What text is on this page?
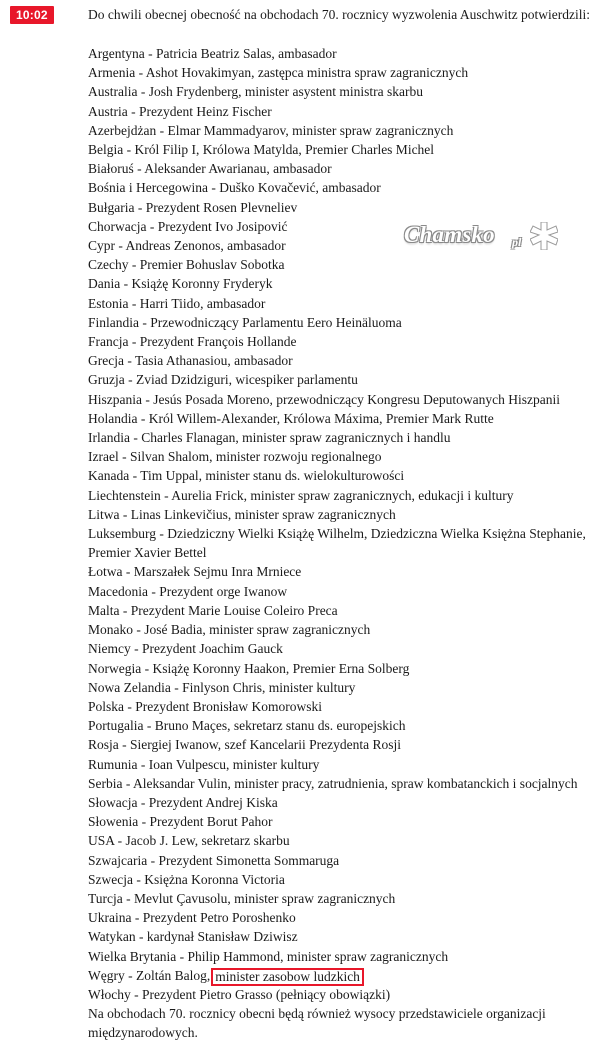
10:02	Do chwili obecnej obecność na obchodach 70. rocznicy wyzwolenia Auschwitz potwierdzili:
Argentyna - Patricia Beatriz Salas, ambasador
Armenia - Ashot Hovakimyan, zastępca ministra spraw zagranicznych
Australia - Josh Frydenberg, minister asystent ministra skarbu
Austria - Prezydent Heinz Fischer
Azerbejdżan - Elmar Mammadyarov, minister spraw zagranicznych
Belgia - Król Filip I, Królowa Matylda, Premier Charles Michel
Białoruś - Aleksander Awarianau, ambasador
Bośnia i Hercegowina - Duško Kovačević, ambasador
Bułgaria - Prezydent Rosen Plevneliev
Chorwacja - Prezydent Ivo Josipović
Cypr - Andreas Zenonos, ambasador
Czechy - Premier Bohuslav Sobotka
Dania - Książę Koronny Fryderyk
Estonia - Harri Tiido, ambasador
Finlandia - Przewodniczący Parlamentu Eero Heinäluoma
Francja - Prezydent François Hollande
Grecja - Tasia Athanasiou, ambasador
Gruzja - Zviad Dzidziguri, wicespiker parlamentu
Hiszpania - Jesús Posada Moreno, przewodniczący Kongresu Deputowanych Hiszpanii
Holandia - Król Willem-Alexander, Królowa Máxima, Premier Mark Rutte
Irlandia - Charles Flanagan, minister spraw zagranicznych i handlu
Izrael - Silvan Shalom, minister rozwoju regionalnego
Kanada - Tim Uppal, minister stanu ds. wielokulturowości
Liechtenstein - Aurelia Frick, minister spraw zagranicznych, edukacji i kultury
Litwa - Linas Linkevičius, minister spraw zagranicznych
Luksemburg - Dziedziczny Wielki Książę Wilhelm, Dziedziczna Wielka Księżna Stephanie, Premier Xavier Bettel
Łotwa - Marszałek Sejmu Inra Mrniece
Macedonia - Prezydent orge Iwanow
Malta - Prezydent Marie Louise Coleiro Preca
Monako - José Badia, minister spraw zagranicznych
Niemcy - Prezydent Joachim Gauck
Norwegia - Książę Koronny Haakon, Premier Erna Solberg
Nowa Zelandia - Finlyson Chris, minister kultury
Polska - Prezydent Bronisław Komorowski
Portugalia - Bruno Maçes, sekretarz stanu ds. europejskich
Rosja - Siergiej Iwanow, szef Kancelarii Prezydenta Rosji
Rumunia - Ioan Vulpescu, minister kultury
Serbia - Aleksandar Vulin, minister pracy, zatrudnienia, spraw kombatanckich i socjalnych
Słowacja - Prezydent Andrej Kiska
Słowenia - Prezydent Borut Pahor
USA - Jacob J. Lew, sekretarz skarbu
Szwajcaria - Prezydent Simonetta Sommaruga
Szwecja - Księżna Koronna Victoria
Turcja - Mevlut Çavusolu, minister spraw zagranicznych
Ukraina - Prezydent Petro Poroshenko
Watykan - kardynał Stanisław Dziwisz
Wielka Brytania - Philip Hammond, minister spraw zagranicznych
Węgry - Zoltán Balog, minister zasobow ludzkich
Włochy - Prezydent Pietro Grasso (pełniący obowiązki)
Na obchodach 70. rocznicy obecni będą również wysocy przedstawiciele organizacji międzynarodowych.
Chamsko pl
